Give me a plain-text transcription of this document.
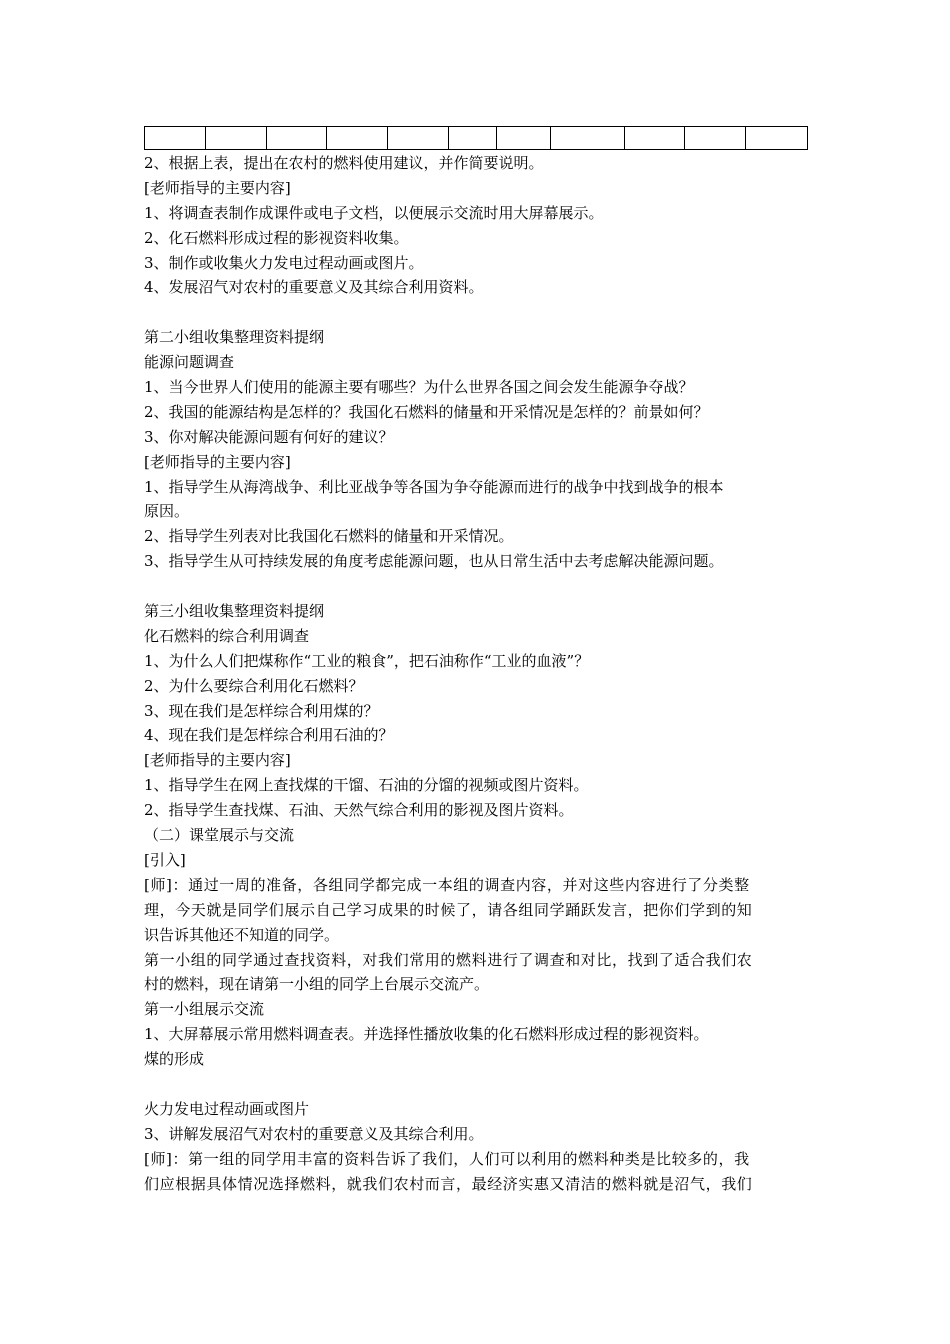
2、根据上表，提出在农村的燃料使用建议，并作简要说明。
[老师指导的主要内容]
1、将调查表制作成课件或电子文档，以便展示交流时用大屏幕展示。
2、化石燃料形成过程的影视资料收集。
3、制作或收集火力发电过程动画或图片。
4、发展沼气对农村的重要意义及其综合利用资料。
第二小组收集整理资料提纲
能源问题调查
1、当今世界人们使用的能源主要有哪些？为什么世界各国之间会发生能源争夺战？
2、我国的能源结构是怎样的？我国化石燃料的储量和开采情况是怎样的？前景如何？
3、你对解决能源问题有何好的建议？
[老师指导的主要内容]
1、指导学生从海湾战争、利比亚战争等各国为争夺能源而进行的战争中找到战争的根本
原因。
2、指导学生列表对比我国化石燃料的储量和开采情况。
3、指导学生从可持续发展的角度考虑能源问题，也从日常生活中去考虑解决能源问题。
第三小组收集整理资料提纲
化石燃料的综合利用调查
1、为什么人们把煤称作“工业的粮食”，把石油称作“工业的血液”？
2、为什么要综合利用化石燃料？
3、现在我们是怎样综合利用煤的？
4、现在我们是怎样综合利用石油的？
[老师指导的主要内容]
1、指导学生在网上查找煤的干馏、石油的分馏的视频或图片资料。
2、指导学生查找煤、石油、天然气综合利用的影视及图片资料。
（二）课堂展示与交流
[引入]
[师]：通过一周的准备，各组同学都完成一本组的调查内容，并对这些内容进行了分类整
理，今天就是同学们展示自己学习成果的时候了，请各组同学踊跃发言，把你们学到的知
识告诉其他还不知道的同学。
第一小组的同学通过查找资料，对我们常用的燃料进行了调查和对比，找到了适合我们农
村的燃料，现在请第一小组的同学上台展示交流产。
第一小组展示交流
1、大屏幕展示常用燃料调查表。并选择性播放收集的化石燃料形成过程的影视资料。
煤的形成
火力发电过程动画或图片
3、讲解发展沼气对农村的重要意义及其综合利用。
[师]：第一组的同学用丰富的资料告诉了我们，人们可以利用的燃料种类是比较多的，我
们应根据具体情况选择燃料，就我们农村而言，最经济实惠又清洁的燃料就是沼气，我们
